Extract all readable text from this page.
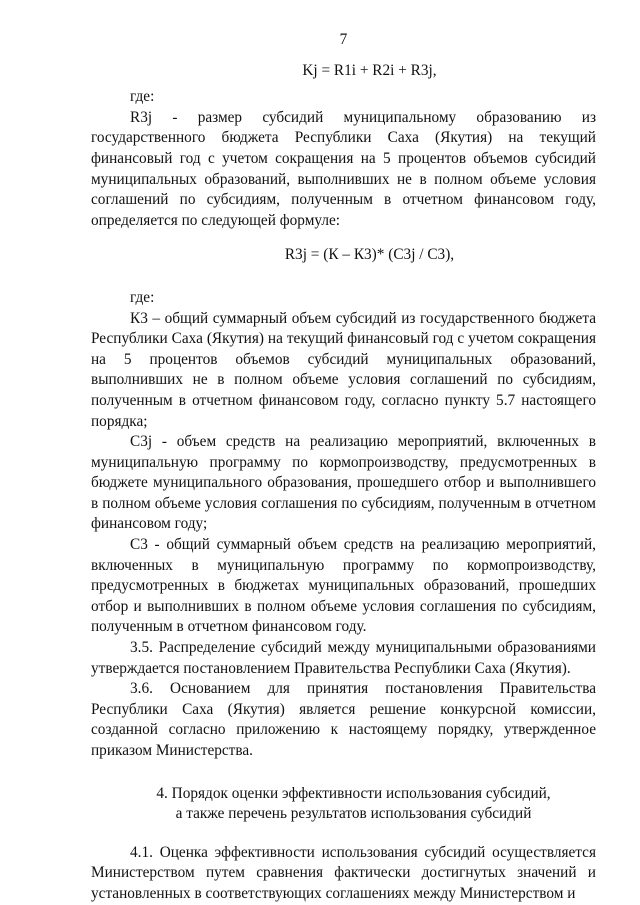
7
Kj = R1i + R2i + R3j,
где:
R3j - размер субсидий муниципальному образованию из государственного бюджета Республики Саха (Якутия) на текущий финансовый год с учетом сокращения на 5 процентов объемов субсидий муниципальных образований, выполнивших не в полном объеме условия соглашений по субсидиям, полученным в отчетном финансовом году, определяется по следующей формуле:
R3j = (К – К3)* (С3j / С3),
где:
К3 – общий суммарный объем субсидий из государственного бюджета Республики Саха (Якутия) на текущий финансовый год с учетом сокращения на 5 процентов объемов субсидий муниципальных образований, выполнивших не в полном объеме условия соглашений по субсидиям, полученным в отчетном финансовом году, согласно пункту 5.7 настоящего порядка;
С3j - объем средств на реализацию мероприятий, включенных в муниципальную программу по кормопроизводству, предусмотренных в бюджете муниципального образования, прошедшего отбор и выполнившего в полном объеме условия соглашения по субсидиям, полученным в отчетном финансовом году;
С3 - общий суммарный объем средств на реализацию мероприятий, включенных в муниципальную программу по кормопроизводству, предусмотренных в бюджетах муниципальных образований, прошедших отбор и выполнивших в полном объеме условия соглашения по субсидиям, полученным в отчетном финансовом году.
3.5. Распределение субсидий между муниципальными образованиями утверждается постановлением Правительства Республики Саха (Якутия).
3.6. Основанием для принятия постановления Правительства Республики Саха (Якутия) является решение конкурсной комиссии, созданной согласно приложению к настоящему порядку, утвержденное приказом Министерства.
4. Порядок оценки эффективности использования субсидий,
а также перечень результатов использования субсидий
4.1. Оценка эффективности использования субсидий осуществляется Министерством путем сравнения фактически достигнутых значений и установленных в соответствующих соглашениях между Министерством и
